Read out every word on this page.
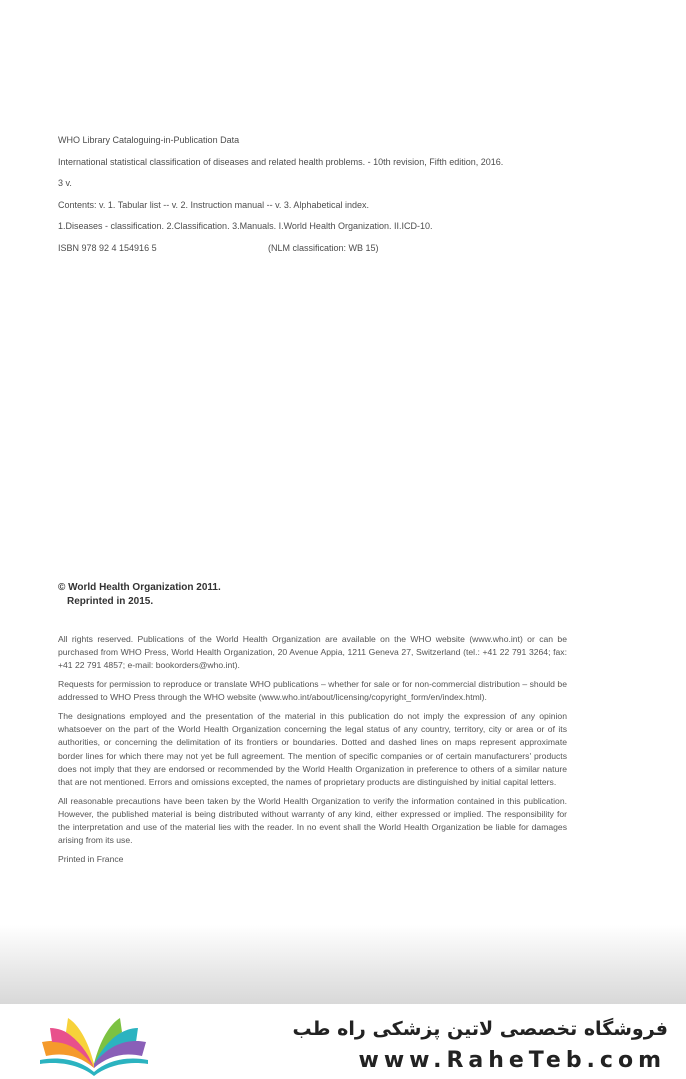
WHO Library Cataloguing-in-Publication Data

International statistical classification of diseases and related health problems. - 10th revision, Fifth edition, 2016.

3 v.

Contents: v. 1. Tabular list -- v. 2. Instruction manual -- v. 3. Alphabetical index.

1.Diseases - classification. 2.Classification. 3.Manuals. I.World Health Organization. II.ICD-10.

ISBN 978 92 4 154916 5	(NLM classification: WB 15)

© World Health Organization 2011.
Reprinted in 2015.

All rights reserved. Publications of the World Health Organization are available on the WHO website (www.who.int) or can be purchased from WHO Press, World Health Organization, 20 Avenue Appia, 1211 Geneva 27, Switzerland (tel.: +41 22 791 3264; fax: +41 22 791 4857; e-mail: bookorders@who.int).

Requests for permission to reproduce or translate WHO publications – whether for sale or for non-commercial distribution – should be addressed to WHO Press through the WHO website (www.who.int/about/licensing/copyright_form/en/index.html).

The designations employed and the presentation of the material in this publication do not imply the expression of any opinion whatsoever on the part of the World Health Organization concerning the legal status of any country, territory, city or area or of its authorities, or concerning the delimitation of its frontiers or boundaries. Dotted and dashed lines on maps represent approximate border lines for which there may not yet be full agreement. The mention of specific companies or of certain manufacturers' products does not imply that they are endorsed or recommended by the World Health Organization in preference to others of a similar nature that are not mentioned. Errors and omissions excepted, the names of proprietary products are distinguished by initial capital letters.

All reasonable precautions have been taken by the World Health Organization to verify the information contained in this publication. However, the published material is being distributed without warranty of any kind, either expressed or implied. The responsibility for the interpretation and use of the material lies with the reader. In no event shall the World Health Organization be liable for damages arising from its use.

Printed in France

فروشگاه تخصصی لاتین پزشکی راه طب
www.RaheTeb.com
